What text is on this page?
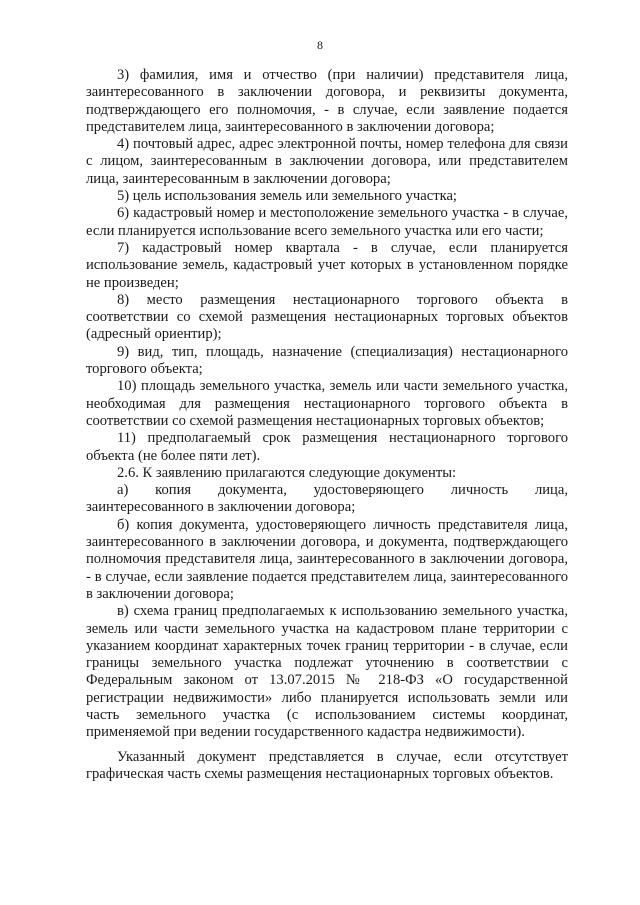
8

3) фамилия, имя и отчество (при наличии) представителя лица, заинтересованного в заключении договора, и реквизиты документа, подтверждающего его полномочия, - в случае, если заявление подается представителем лица, заинтересованного в заключении договора;

4) почтовый адрес, адрес электронной почты, номер телефона для связи с лицом, заинтересованным в заключении договора, или представителем лица, заинтересованным в заключении договора;

5) цель использования земель или земельного участка;

6) кадастровый номер и местоположение земельного участка - в случае, если планируется использование всего земельного участка или его части;

7) кадастровый номер квартала - в случае, если планируется использование земель, кадастровый учет которых в установленном порядке не произведен;

8) место размещения нестационарного торгового объекта в соответствии со схемой размещения нестационарных торговых объектов (адресный ориентир);

9) вид, тип, площадь, назначение (специализация) нестационарного торгового объекта;

10) площадь земельного участка, земель или части земельного участка, необходимая для размещения нестационарного торгового объекта в соответствии со схемой размещения нестационарных торговых объектов;

11) предполагаемый срок размещения нестационарного торгового объекта (не более пяти лет).

2.6. К заявлению прилагаются следующие документы:

а) копия документа, удостоверяющего личность лица, заинтересованного в заключении договора;

б) копия документа, удостоверяющего личность представителя лица, заинтересованного в заключении договора, и документа, подтверждающего полномочия представителя лица, заинтересованного в заключении договора, - в случае, если заявление подается представителем лица, заинтересованного в заключении договора;

в) схема границ предполагаемых к использованию земельного участка, земель или части земельного участка на кадастровом плане территории с указанием координат характерных точек границ территории - в случае, если границы земельного участка подлежат уточнению в соответствии с Федеральным законом от 13.07.2015 № 218-ФЗ «О государственной регистрации недвижимости» либо планируется использовать земли или часть земельного участка (с использованием системы координат, применяемой при ведении государственного кадастра недвижимости).

Указанный документ представляется в случае, если отсутствует графическая часть схемы размещения нестационарных торговых объектов.
